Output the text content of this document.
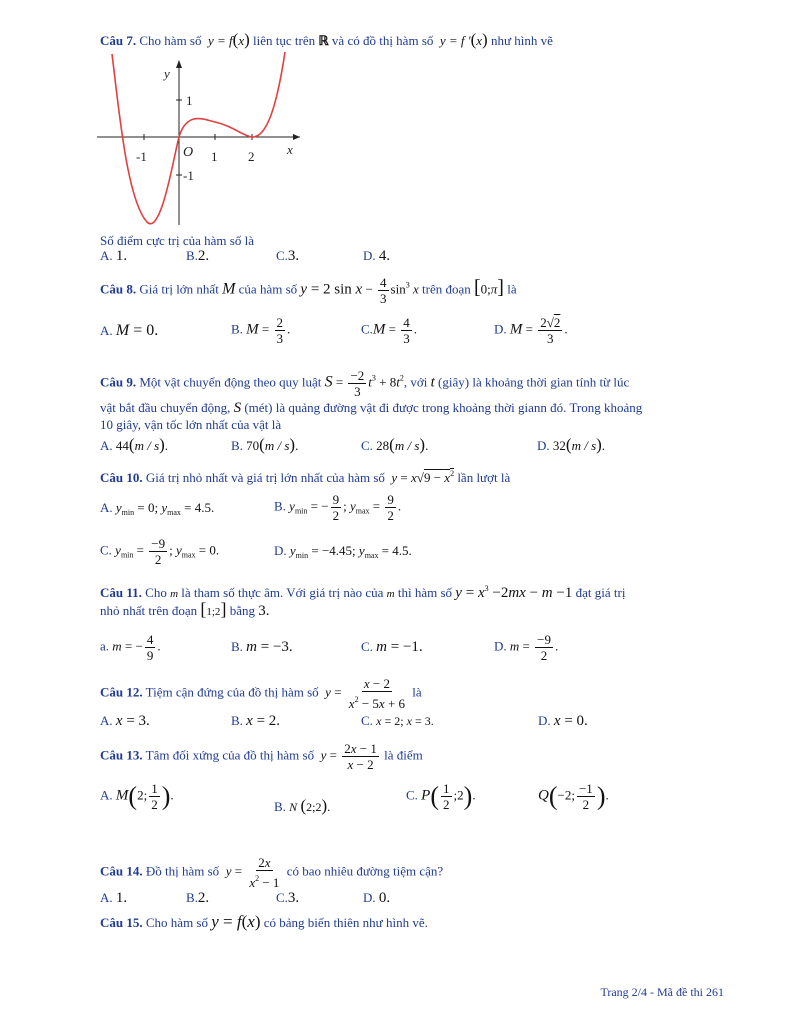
Câu 7. Cho hàm số  y = f(x) liên tục trên ℝ và có đồ thị hàm số  y = f '(x) như hình vẽ
y
x
O
1
-1
-1	1 2
Số điểm cực trị của hàm số là
A. 1.	B.2.	C.3.	D. 4.
Câu 8. Giá trị lớn nhất M của hàm số y = 2 $\sin x - \frac{4}{3} \sin^3 x$ trên đoạn [0;π] là
A. M = 0.	B. $M = \frac{2}{3}$ .	$C.M = \frac{4}{3}$ .	D. $M = \frac{2√2}{3}$ .
Câu 9. Một vật chuyển động theo quy luật $S = \frac{-2}{3} t^3 + 8t^2$, với t (giây) là khoảng thời gian tính từ lúc
vật bắt đầu chuyển động, S (mét) là quảng đường vật đi được trong khoảng thời giann đó. Trong khoảng
10 giây, vận tốc lớn nhất của vật là
A. 44(m / s).	B. 70(m / s).	C. 28(m / s).	D. 32(m / s).
Câu 10. Giá trị nhỏ nhất và giá trị lớn nhất của hàm số  $y = x√9 - x^2$ lần lượt là
A. $y_{min} = 0$; $y_{max} = 4.5$.	B. $y_{min}$ = − $\frac{9}{2}$ ; $y_{max} = \frac{9}{2}$ .
C. $y_{min} = \frac{-9}{2}$ ; $y_{max} = 0$.	D. $y_{min} = -4.45$; $y_{max} = 4.5$.
Câu 11. Cho m là tham số thực âm. Với giá trị nào của m thì hàm số $y = x^3 -2mx - m -1$ đạt giá trị
nhỏ nhất trên đoạn [1;2] bằng 3.
a. m = − $\frac{4}{9}$ .	B. m = −3.	C. m = −1.	D. $m = \frac{-9}{2}$ .
Câu 12. Tiệm cận đứng của đồ thị hàm số  $y = \frac{x - 2}{x^2 - 5x + 6}$ là
A. x = 3.	B. x = 2.	C. x = 2; x = 3.	D. x = 0.
Câu 13. Tâm đối xứng của đồ thị hàm số  $y = \frac{2x - 1}{x - 2}$ là điểm
A. M(2; $\frac{1}{2}$ ).
B. N (2;2).
C. $P( \frac{1}{2}$ ;2).	Q(−2; $\frac{-1}{2}$ ).
Câu 14. Đồ thị hàm số  $y = \frac{2x}{x^2 - 1}$ có bao nhiêu đường tiệm cận?
A. 1.	B.2.	C.3.	D. 0.
Câu 15. Cho hàm số y = f(x) có bảng biến thiên như hình vẽ.
Trang 2/4 - Mã đề thi 261
